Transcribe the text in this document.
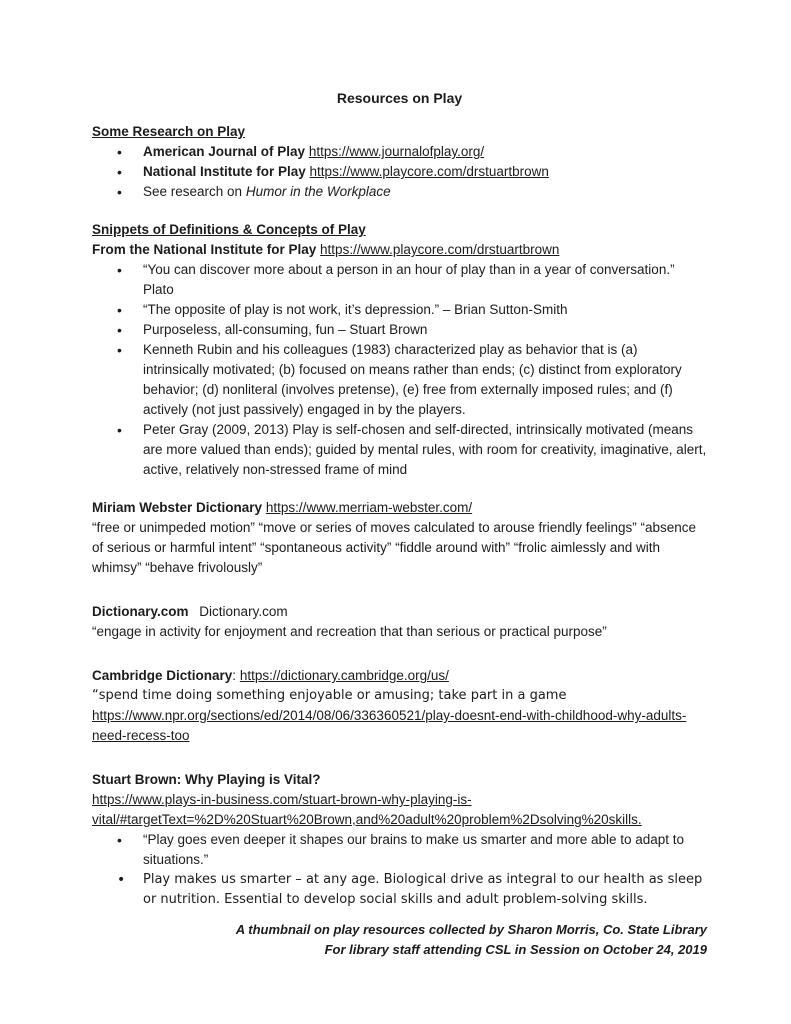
Resources on Play
Some Research on Play
• American Journal of Play https://www.journalofplay.org/
• National Institute for Play https://www.playcore.com/drstuartbrown
• See research on Humor in the Workplace
Snippets of Definitions & Concepts of Play

From the National Institute for Play https://www.playcore.com/drstuartbrown

• “You can discover more about a person in an hour of play than in a year of conversation.” Plato
• “The opposite of play is not work, it’s depression.” – Brian Sutton-Smith
• Purposeless, all-consuming, fun – Stuart Brown
• Kenneth Rubin and his colleagues (1983) characterized play as behavior that is (a) intrinsically motivated; (b) focused on means rather than ends; (c) distinct from exploratory behavior; (d) nonliteral (involves pretense), (e) free from externally imposed rules; and (f) actively (not just passively) engaged in by the players.
• Peter Gray (2009, 2013) Play is self-chosen and self-directed, intrinsically motivated (means are more valued than ends); guided by mental rules, with room for creativity, imaginative, alert, active, relatively non-stressed frame of mind

Miriam Webster Dictionary https://www.merriam-webster.com/

“free or unimpeded motion” “move or series of moves calculated to arouse friendly feelings” “absence of serious or harmful intent” “spontaneous activity” “fiddle around with” “frolic aimlessly and with whimsy” “behave frivolously”

Dictionary.com Dictionary.com

“engage in activity for enjoyment and recreation that than serious or practical purpose”

Cambridge Dictionary: https://dictionary.cambridge.org/us/

“spend time doing something enjoyable or amusing; take part in a game

https://www.npr.org/sections/ed/2014/08/06/336360521/play-doesnt-end-with-childhood-why-adults-need-recess-too

Stuart Brown: Why Playing is Vital?

https://www.plays-in-business.com/stuart-brown-why-playing-is-vital/#targetText=%2D%20Stuart%20Brown,and%20adult%20problem%2Dsolving%20skills.

• “Play goes even deeper it shapes our brains to make us smarter and more able to adapt to situations.”
• Play makes us smarter – at any age. Biological drive as integral to our health as sleep or nutrition. Essential to develop social skills and adult problem-solving skills.
A thumbnail on play resources collected by Sharon Morris, Co. State Library
For library staff attending CSL in Session on October 24, 2019
